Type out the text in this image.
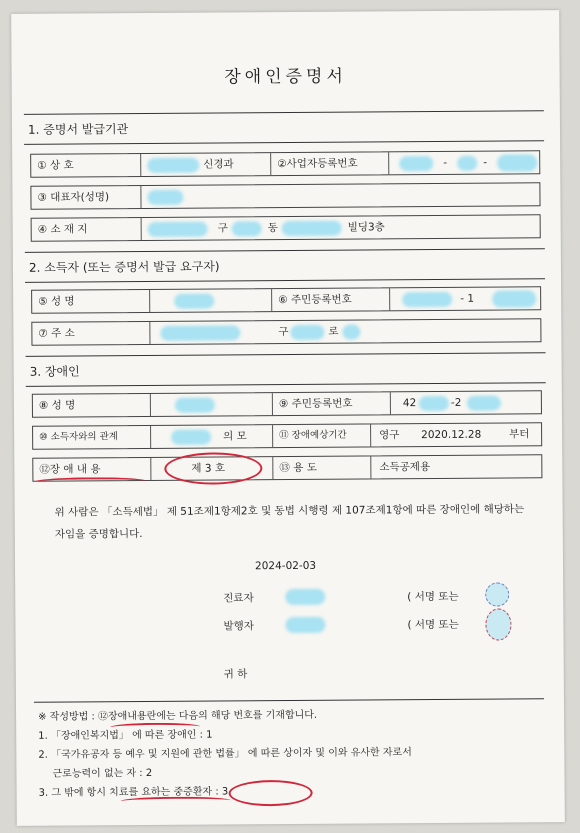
장애인증명서
1. 증명서 발급기관
① 상 호	신경과	②사업자등록번호	-	-
③ 대표자(성명)
④ 소 재 지	구	동	빌딩3층
2. 소득자 (또는 증명서 발급 요구자)
⑤ 성 명	⑥ 주민등록번호	- 1
⑦ 주 소	구	로
3. 장애인
⑧ 성 명	⑨ 주민등록번호	42	-2
⑩ 소득자와의 관계	의 모	⑪ 장애예상기간	영구 2020.12.28	부터
⑫장 애 내 용	제 3 호	⑬ 용 도	소득공제용
위 사람은 「소득세법」 제 51조제1항제2호 및 동법 시행령 제 107조제1항에 따른 장애인에 해당하는 자임을 증명합니다.
2024-02-03
진료자	( 서명 또는
발행자	( 서명 또는
귀 하
※ 작성방법 : ⑫장애내용란에는 다음의 해당 번호를 기재합니다.
1. 「장애인복지법」 에 따른 장애인 : 1
2. 「국가유공자 등 예우 및 지원에 관한 법률」 에 따른 상이자 및 이와 유사한 자로서
근로능력이 없는 자 : 2
3. 그 밖에 항시 치료를 요하는 중증환자 : 3
